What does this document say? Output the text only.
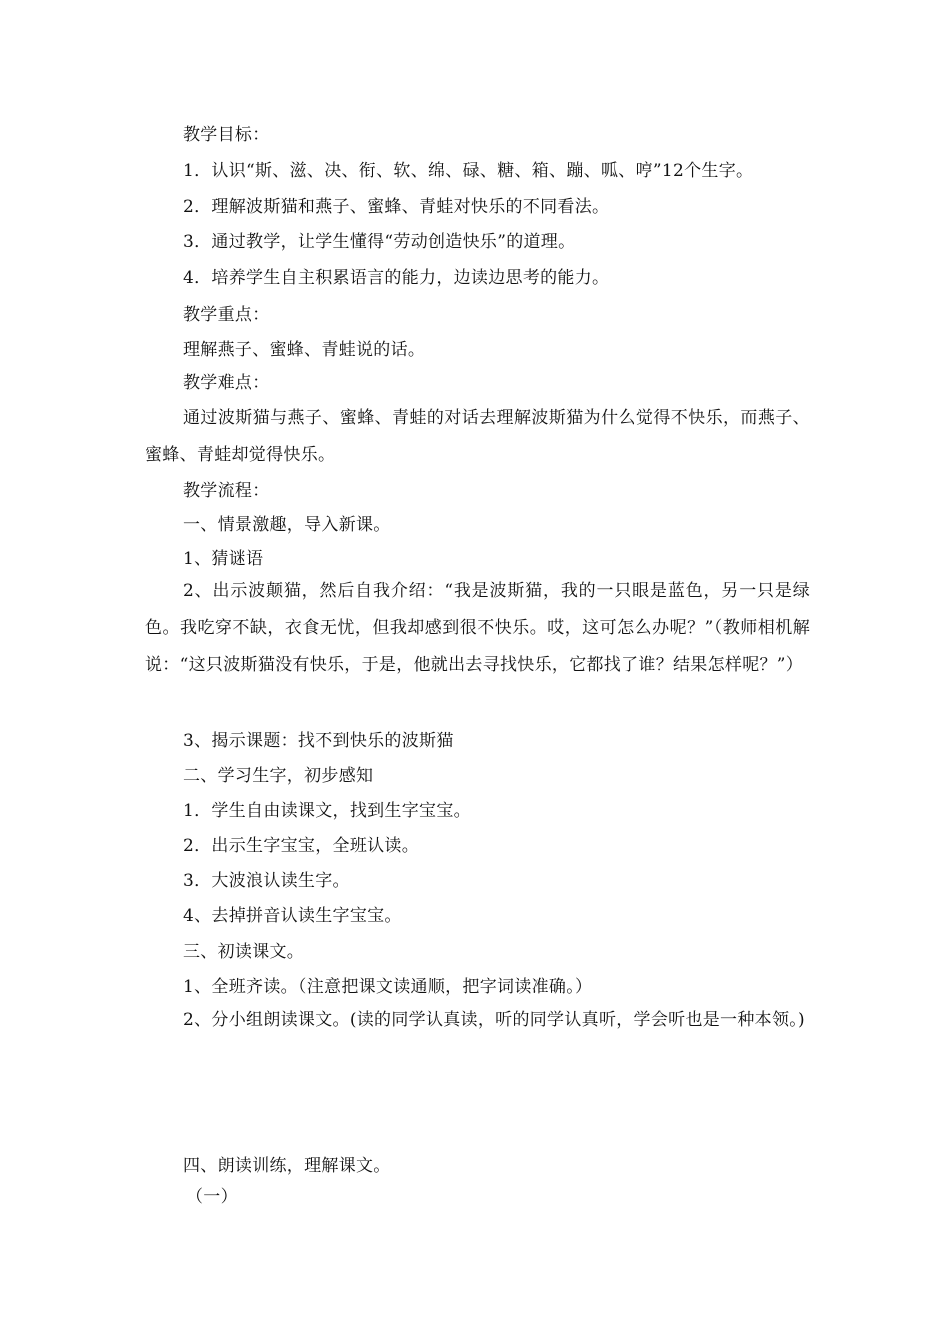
教学目标：
1．认识“斯、滋、决、衔、软、绵、碌、糖、箱、蹦、呱、哼”12个生字。
2．理解波斯猫和燕子、蜜蜂、青蛙对快乐的不同看法。
3．通过教学，让学生懂得“劳动创造快乐”的道理。
4．培养学生自主积累语言的能力，边读边思考的能力。
教学重点：
理解燕子、蜜蜂、青蛙说的话。
教学难点：
通过波斯猫与燕子、蜜蜂、青蛙的对话去理解波斯猫为什么觉得不快乐，而燕子、蜜蜂、青蛙却觉得快乐。
教学流程：
一、情景激趣，导入新课。
1、猜谜语
2、出示波颠猫，然后自我介绍：“我是波斯猫，我的一只眼是蓝色，另一只是绿色。我吃穿不缺，衣食无忧，但我却感到很不快乐。哎，这可怎么办呢？”（教师相机解说：“这只波斯猫没有快乐，于是，他就出去寻找快乐，它都找了谁？结果怎样呢？”）
3、揭示课题：找不到快乐的波斯猫
二、学习生字，初步感知
1．学生自由读课文，找到生字宝宝。
2．出示生字宝宝，全班认读。
3．大波浪认读生字。
4、去掉拼音认读生字宝宝。
三、初读课文。
1、全班齐读。（注意把课文读通顺，把字词读准确。）
2、分小组朗读课文。(读的同学认真读，听的同学认真听，学会听也是一种本领。)
四、朗读训练，理解课文。
（一）
